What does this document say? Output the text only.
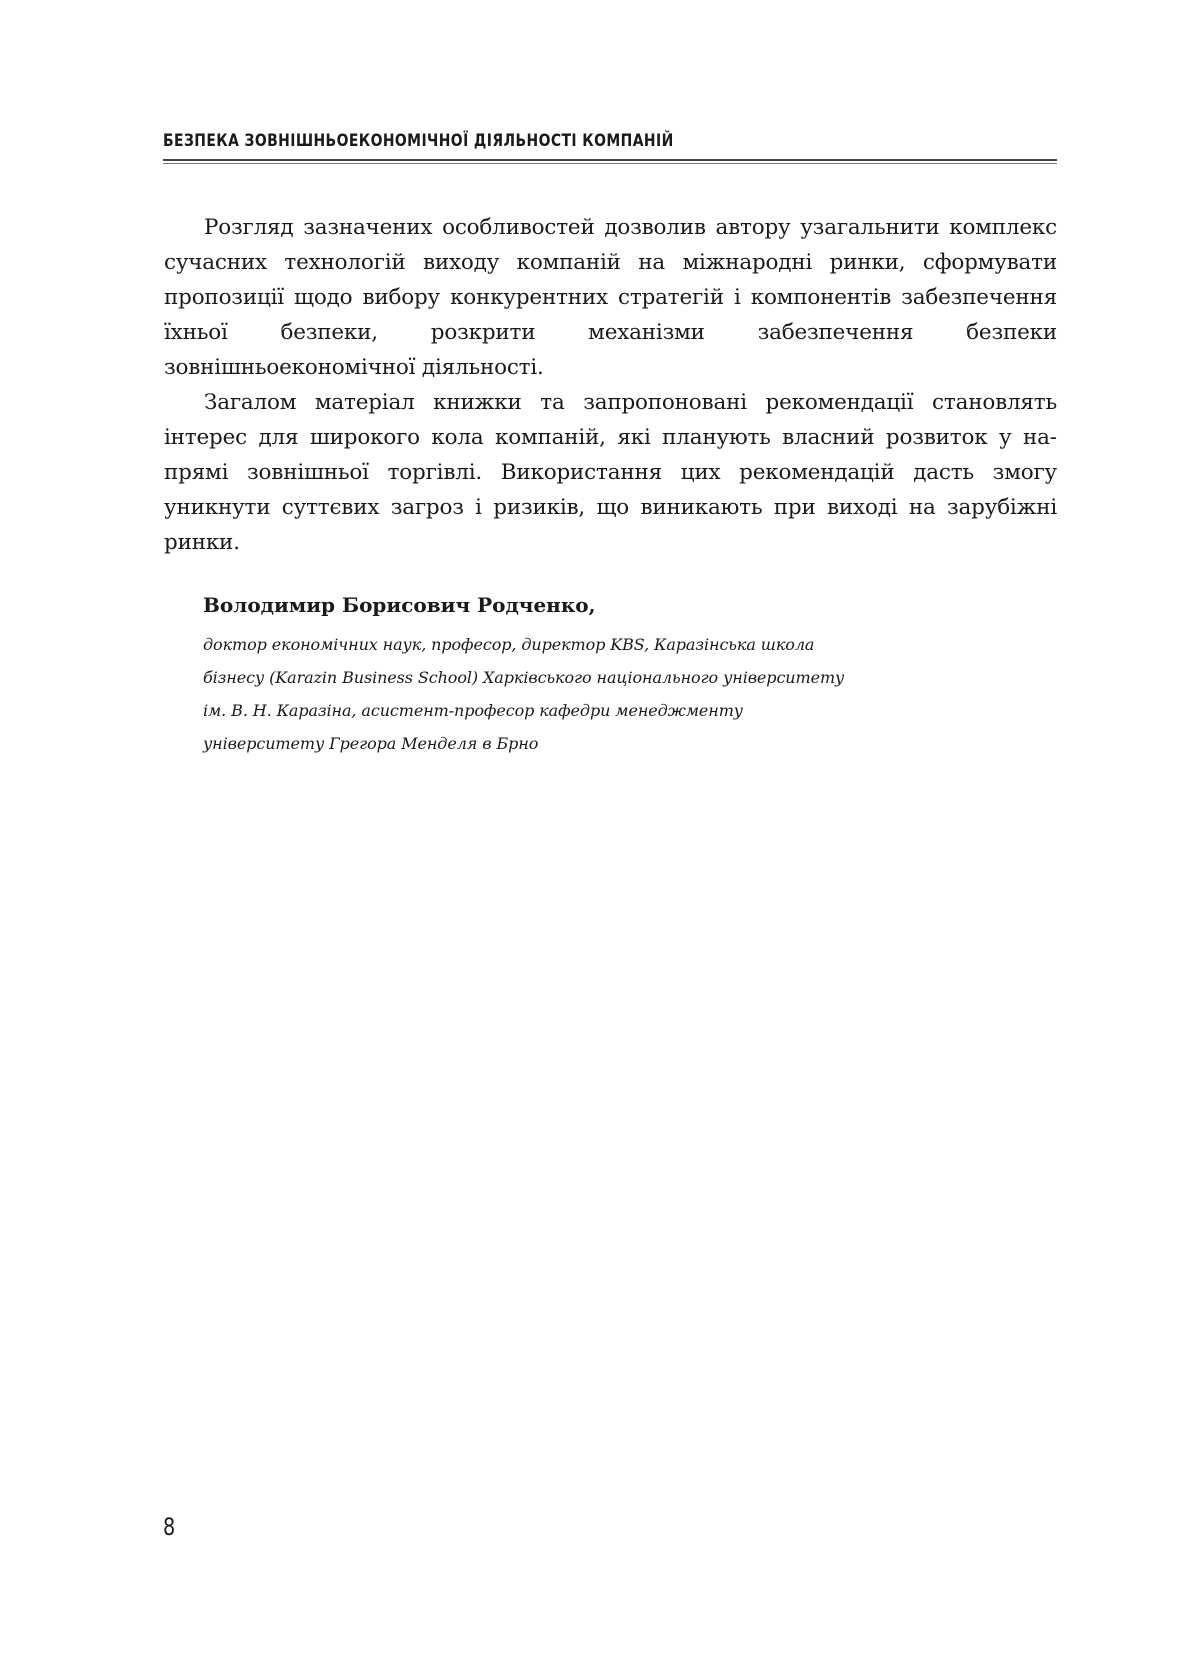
БЕЗПЕКА ЗОВНІШНЬОЕКОНОМІЧНОЇ ДІЯЛЬНОСТІ КОМПАНІЙ

Розгляд зазначених особливостей дозволив автору узагальнити комплекс сучасних технологій виходу компаній на міжнародні ринки, сформувати пропозиції щодо вибору конкурентних стратегій і компонентів забезпечення їхньої безпеки, розкрити механізми забезпечення безпеки зовнішньоекономічної діяльності.

Загалом матеріал книжки та запропоновані рекомендації становлять інтерес для широкого кола компаній, які планують власний розвиток у напрямі зовнішньої торгівлі. Використання цих рекомендацій дасть змогу уникнути суттєвих загроз і ризиків, що виникають при виході на зарубіжні ринки.

Володимир Борисович Родченко,
доктор економічних наук, професор, директор KBS, Каразінська школа
бізнесу (Karazin Business School) Харківського національного університету
ім. В. Н. Каразіна, асистент-професор кафедри менеджменту
університету Грегора Менделя в Брно
8
